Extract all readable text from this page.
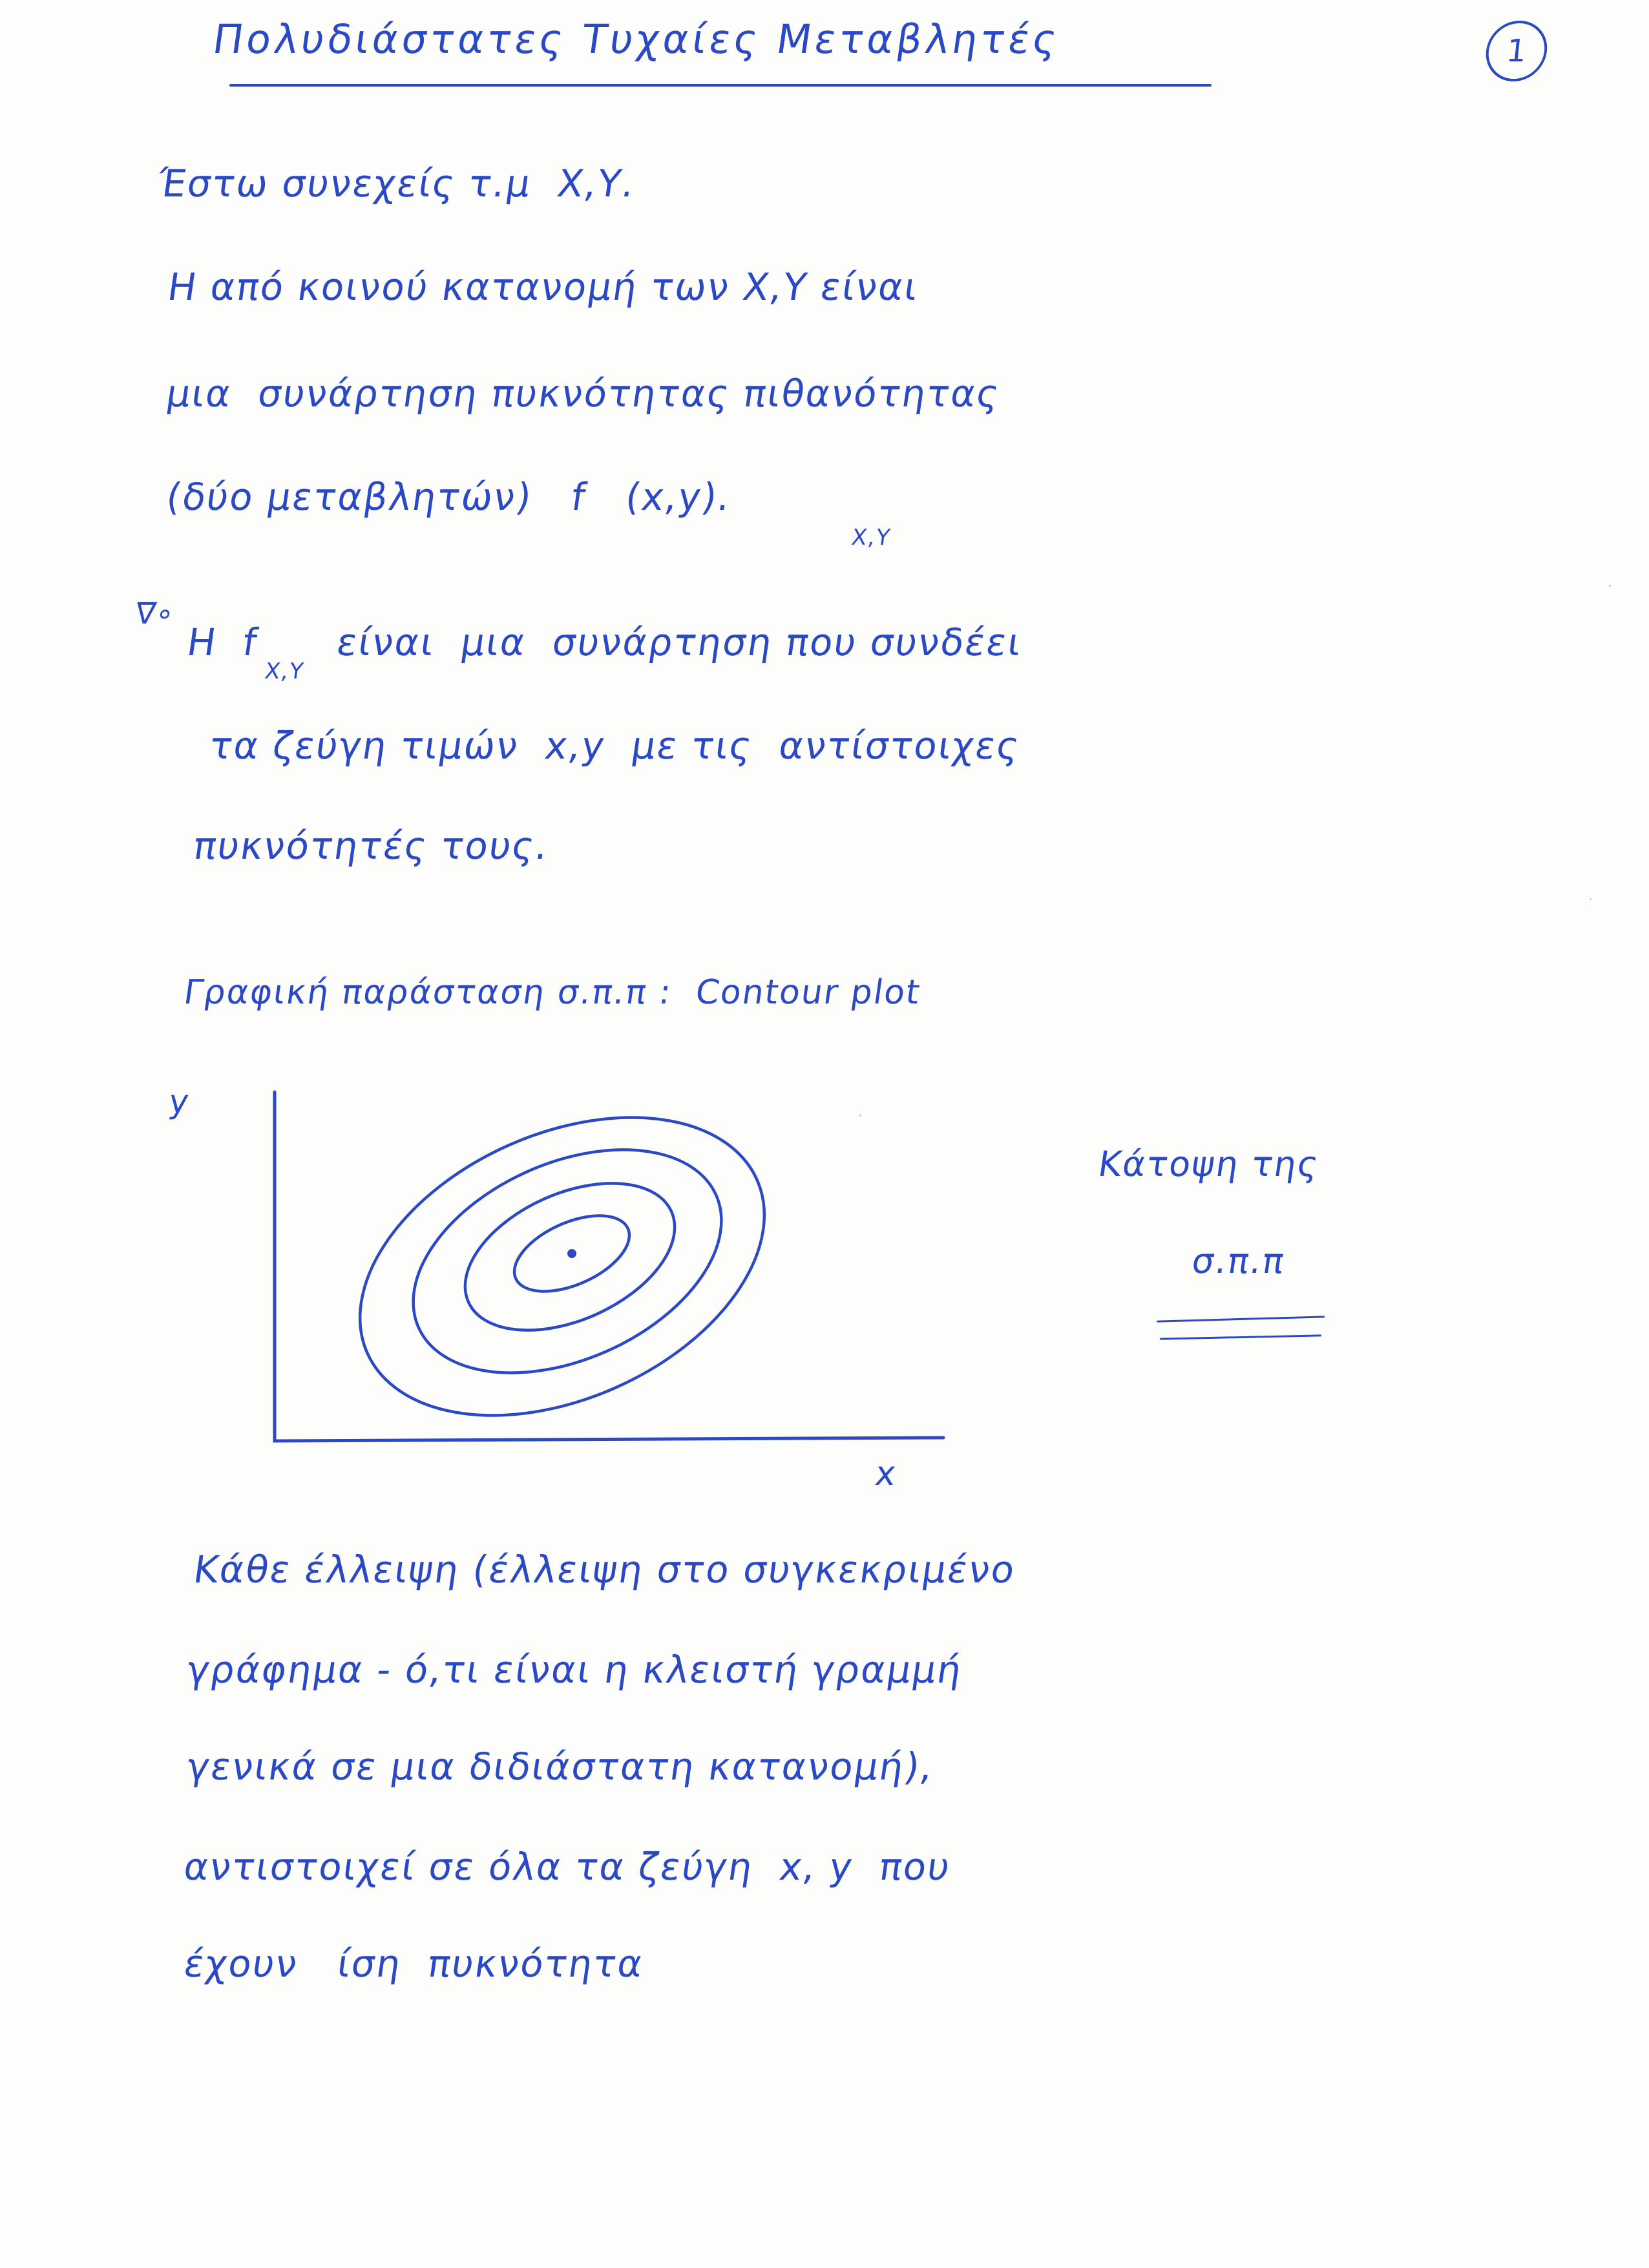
Πολυδιάστατες Τυχαίες Μεταβλητές	1
Έστω συνεχείς τ.μ  Χ,Υ.
Η από κοινού κατανομή των Χ,Υ είναι
μια  συνάρτηση πυκνότητας πιθανότητας
(δύο μεταβλητών)   f   (x,y).
Χ,Υ
∇∘
Η  f      είναι  μια  συνάρτηση που συνδέει
Χ,Υ
τα ζεύγη τιμών  x,y  με τις  αντίστοιχες
πυκνότητές τους.
Γραφική παράσταση σ.π.π :  Contour plot
y
x
Κάτοψη της
σ.π.π
Κάθε έλλειψη (έλλειψη στο συγκεκριμένο
γράφημα - ό,τι είναι η κλειστή γραμμή
γενικά σε μια διδιάστατη κατανομή),
αντιστοιχεί σε όλα τα ζεύγη  x, y  που
έχουν   ίση  πυκνότητα
